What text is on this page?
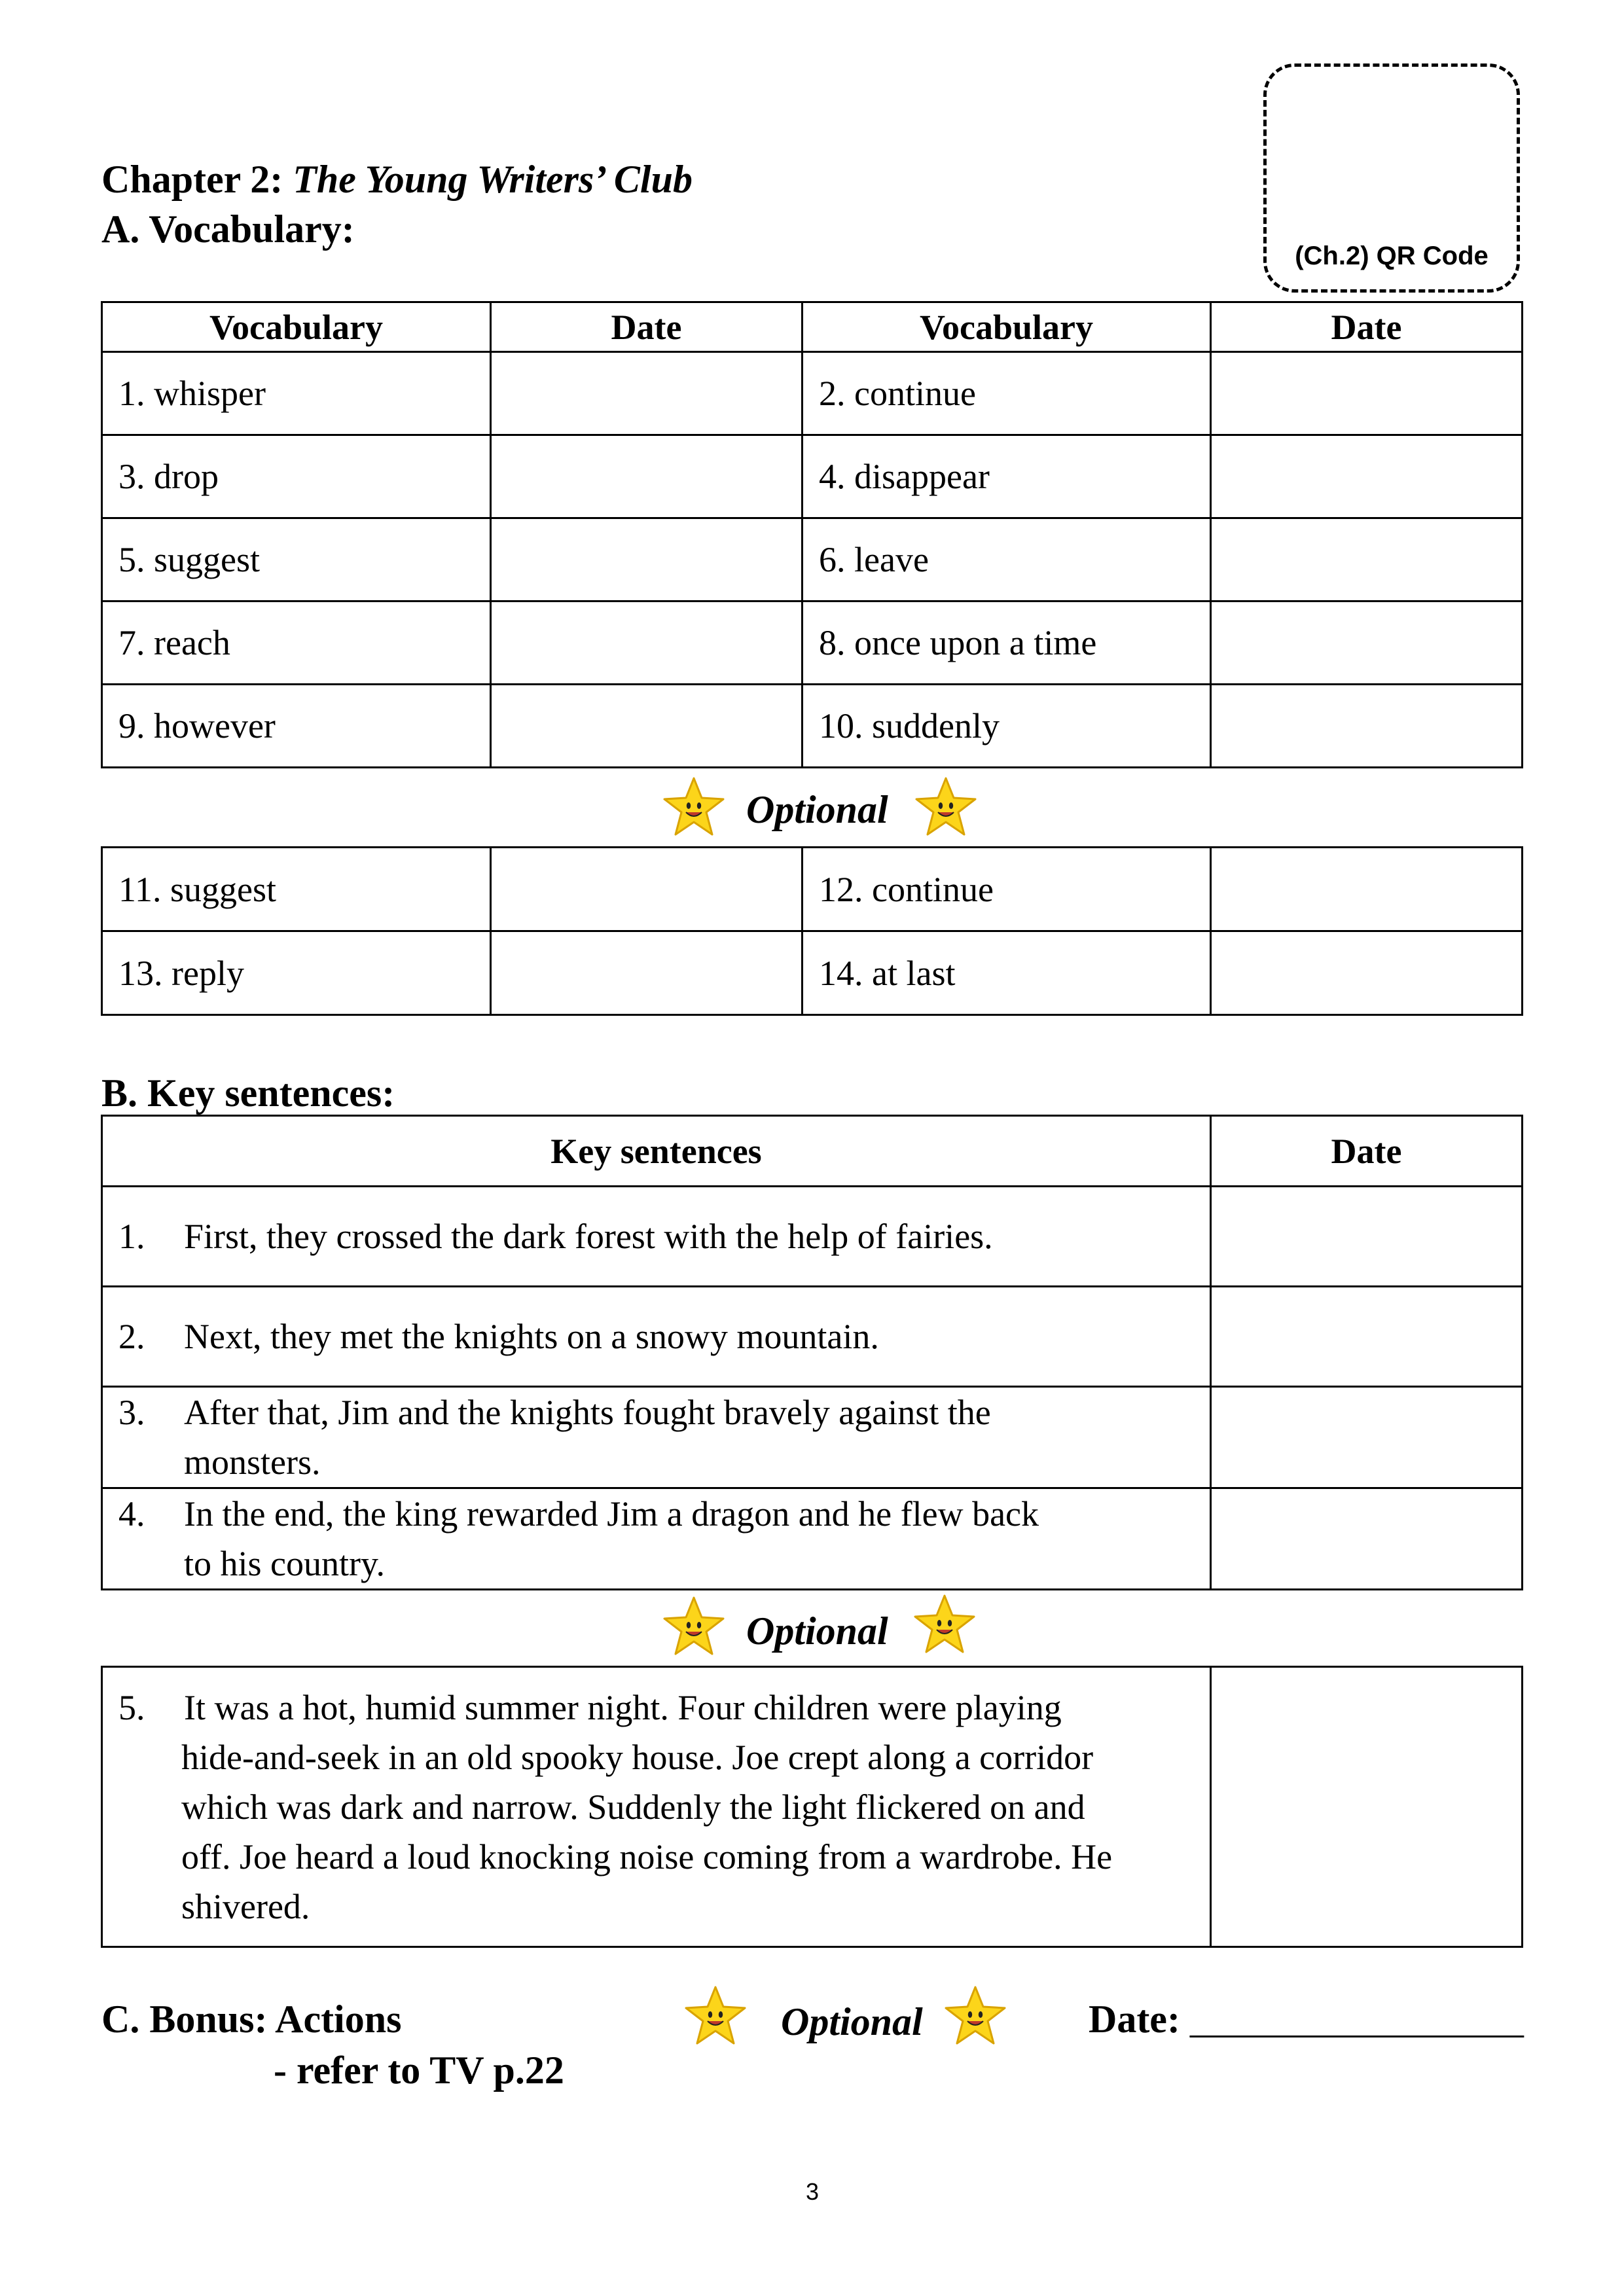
Chapter 2: The Young Writers’ Club
A. Vocabulary:
(Ch.2) QR Code
Vocabulary	Date	Vocabulary	Date
1. whisper		2. continue	
3. drop		4. disappear	
5. suggest		6. leave	
7. reach		8. once upon a time	
9. however		10. suddenly	
Optional
11. suggest		12. continue	
13. reply		14. at last	
B. Key sentences:
Key sentences	Date
1. First, they crossed the dark forest with the help of fairies.	
2. Next, they met the knights on a snowy mountain.	
3. After that, Jim and the knights fought bravely against the
monsters.	
4. In the end, the king rewarded Jim a dragon and he flew back
to his country.	
Optional
5. It was a hot, humid summer night. Four children were playing
hide-and-seek in an old spooky house. Joe crept along a corridor
which was dark and narrow. Suddenly the light flickered on and
off. Joe heard a loud knocking noise coming from a wardrobe. He
shivered.	
C. Bonus: Actions
- refer to TV p.22
Optional	Date: _________________
3
